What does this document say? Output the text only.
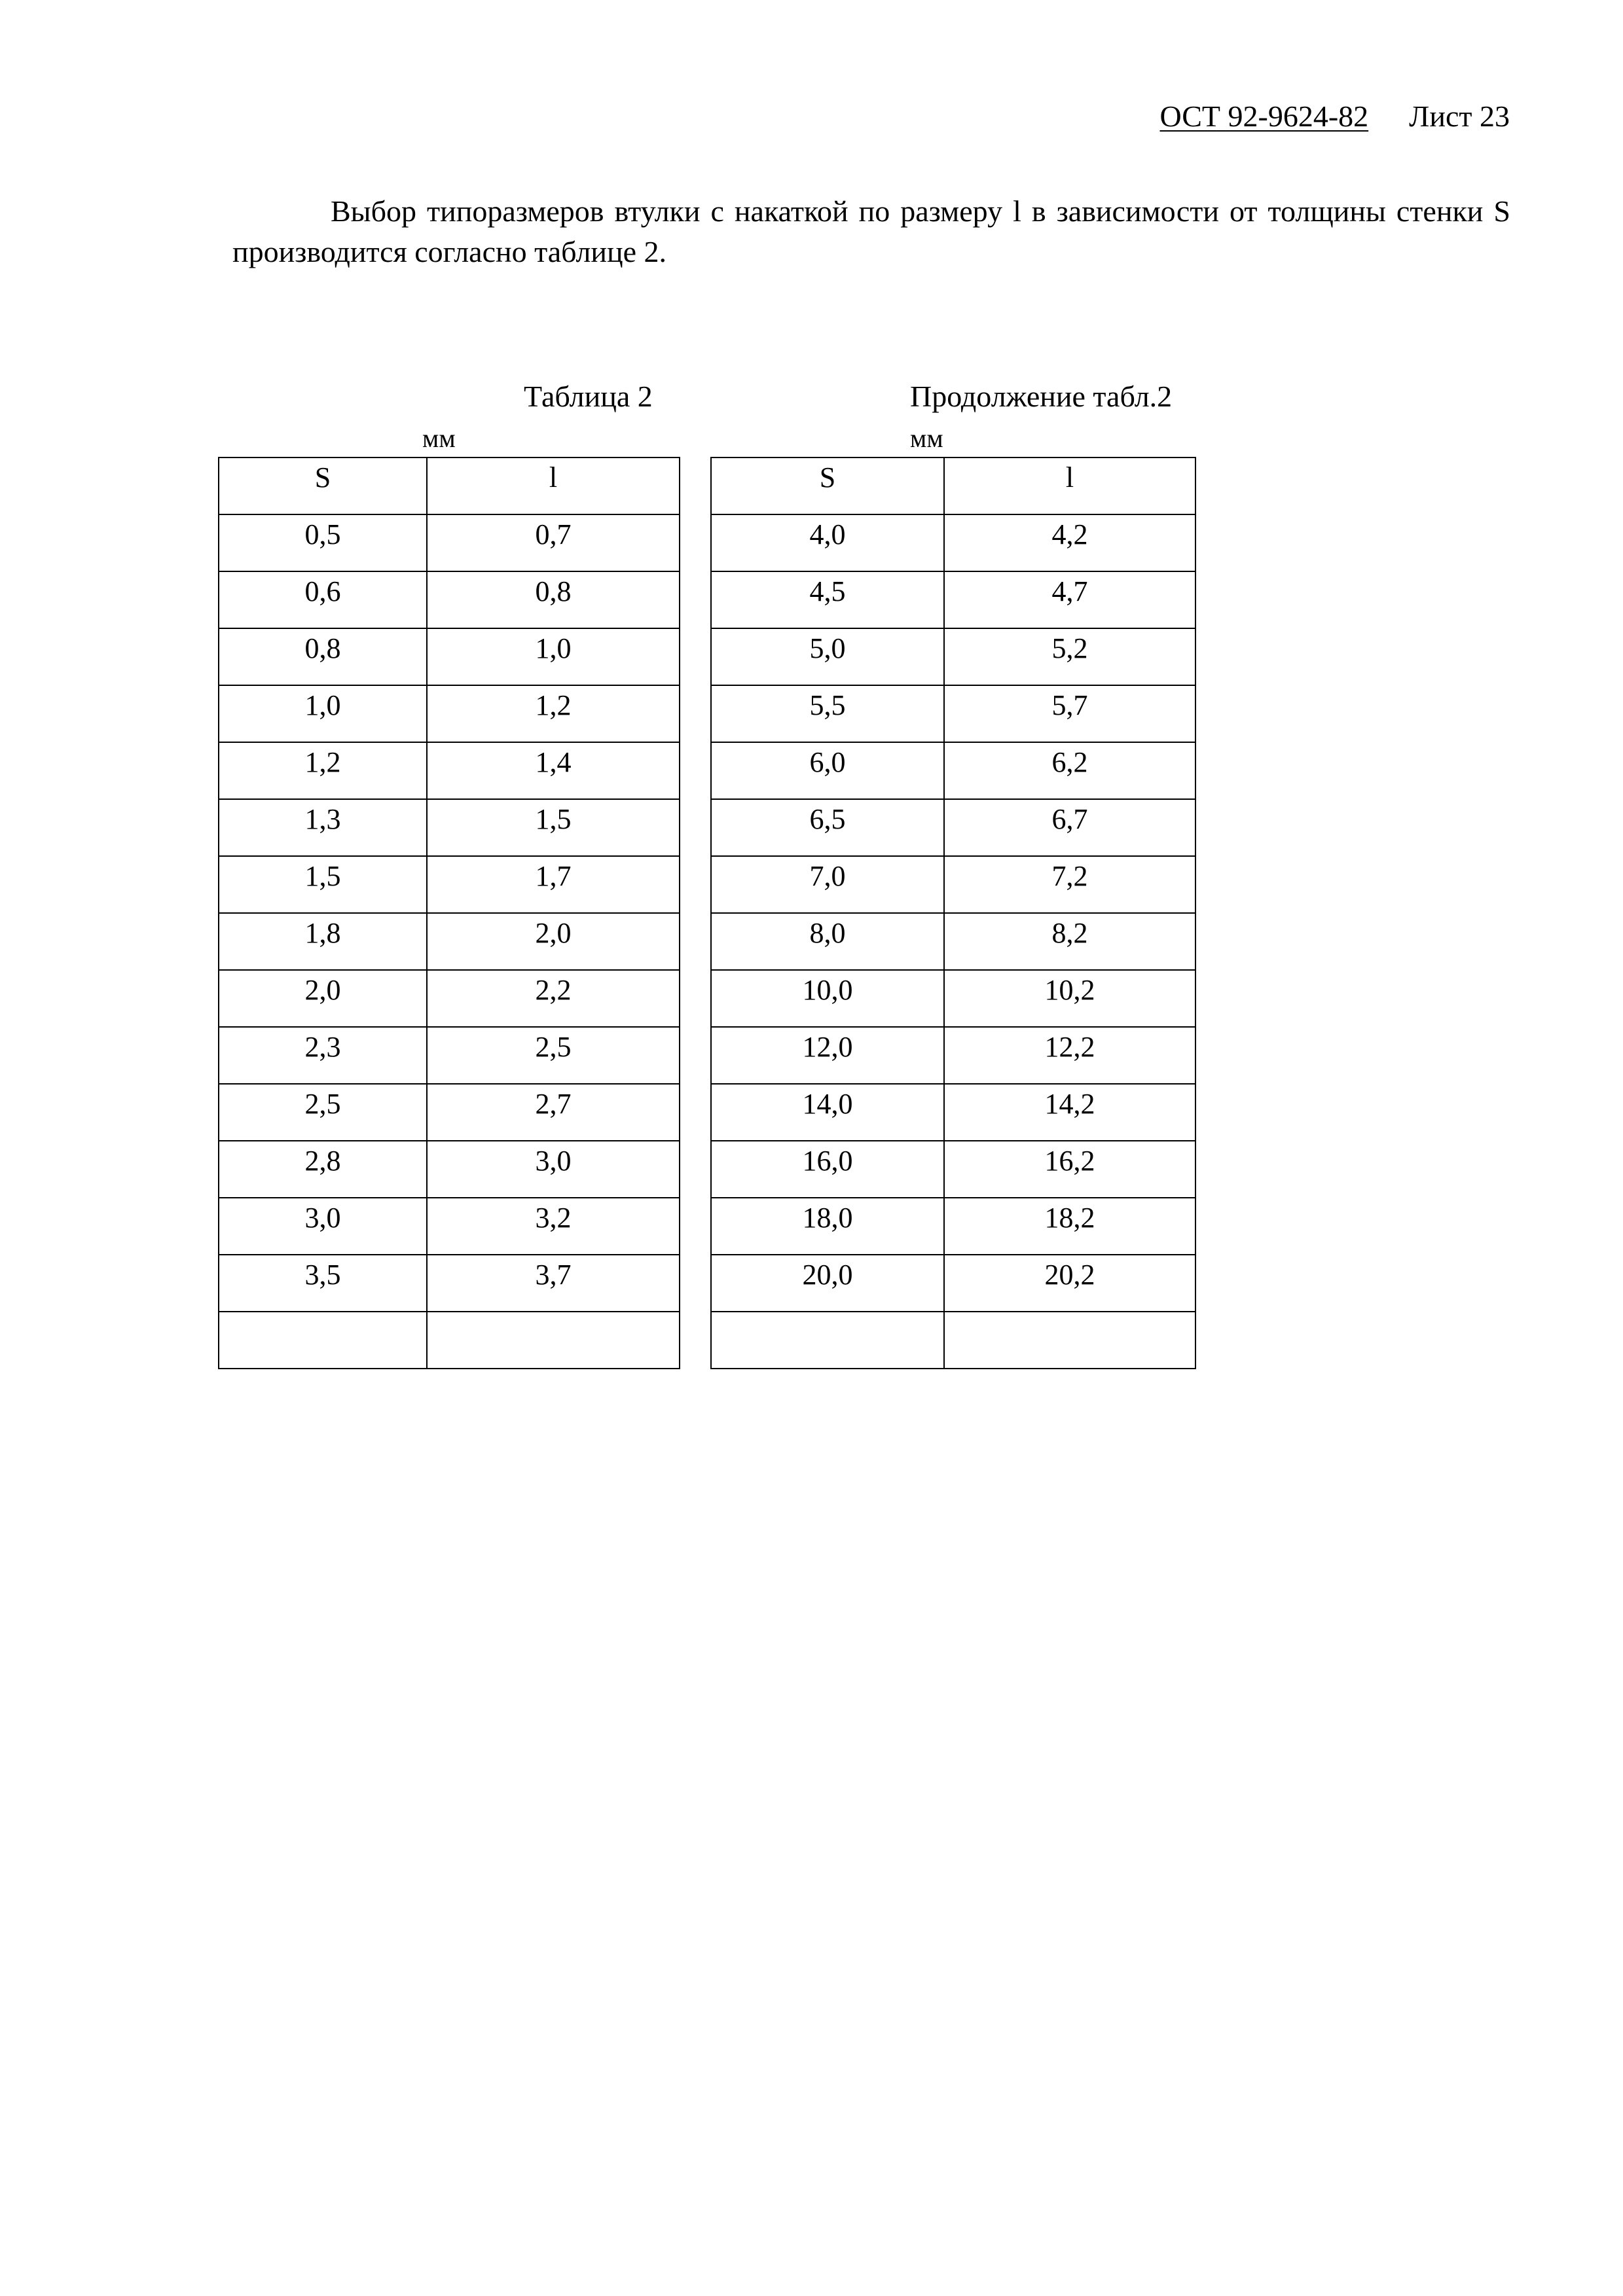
ОСТ 92-9624-82 Лист 23

Выбор типоразмеров втулки с накаткой по размеру l в зависимости от толщины стенки S производится согласно таблице 2.

Таблица 2
мм
Продолжение табл.2
мм
S	l
0,5	0,7
0,6	0,8
0,8	1,0
1,0	1,2
1,2	1,4
1,3	1,5
1,5	1,7
1,8	2,0
2,0	2,2
2,3	2,5
2,5	2,7
2,8	3,0
3,0	3,2
3,5	3,7

S	l
4,0	4,2
4,5	4,7
5,0	5,2
5,5	5,7
6,0	6,2
6,5	6,7
7,0	7,2
8,0	8,2
10,0	10,2
12,0	12,2
14,0	14,2
16,0	16,2
18,0	18,2
20,0	20,2
